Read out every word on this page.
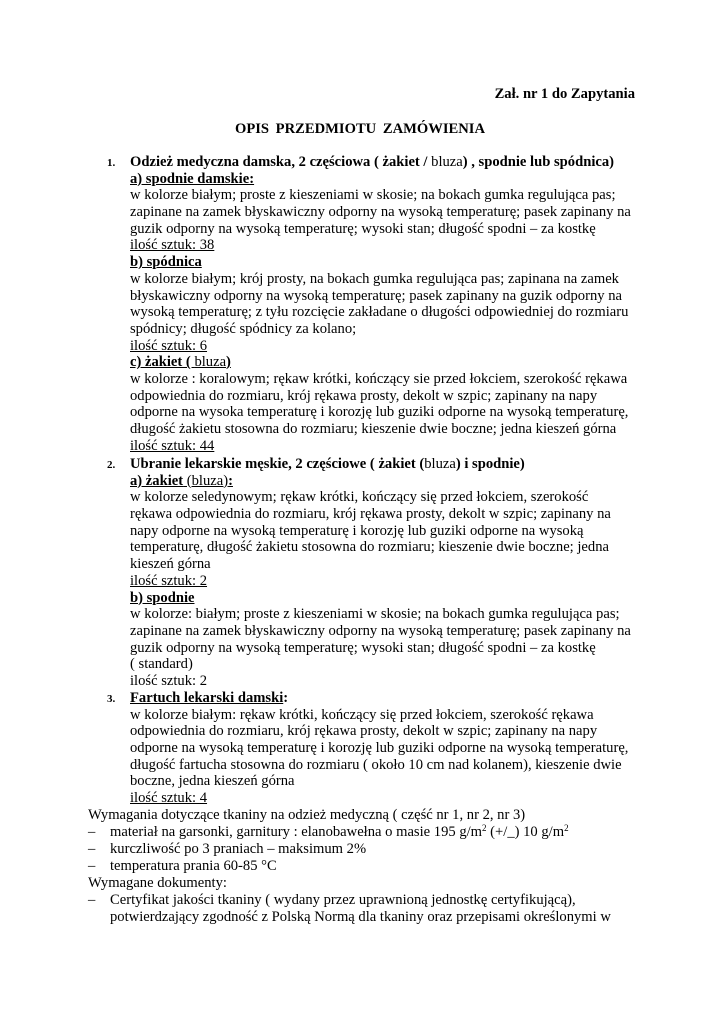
Zał. nr 1 do Zapytania
OPIS PRZEDMIOTU ZAMÓWIENIA
1. Odzież medyczna damska, 2 częściowa ( żakiet / bluza) , spodnie lub spódnica)
a) spodnie damskie:
w kolorze białym; proste z kieszeniami w skosie; na bokach gumka regulująca pas;
zapinane na zamek błyskawiczny odporny na wysoką temperaturę; pasek zapinany na
guzik odporny na wysoką temperaturę; wysoki stan; długość spodni – za kostkę
ilość sztuk: 38
b) spódnica
w kolorze białym; krój prosty, na bokach gumka regulująca pas; zapinana na zamek
błyskawiczny odporny na wysoką temperaturę; pasek zapinany na guzik odporny na
wysoką temperaturę; z tyłu rozcięcie zakładane o długości odpowiedniej do rozmiaru
spódnicy; długość spódnicy za kolano;
ilość sztuk: 6
c) żakiet ( bluza)
w kolorze : koralowym; rękaw krótki, kończący sie przed łokciem, szerokość rękawa
odpowiednia do rozmiaru, krój rękawa prosty, dekolt w szpic; zapinany na napy
odporne na wysoka temperaturę i korozję lub guziki odporne na wysoką temperaturę,
długość żakietu stosowna do rozmiaru; kieszenie dwie boczne; jedna kieszeń górna
ilość sztuk: 44
2. Ubranie lekarskie męskie, 2 częściowe ( żakiet (bluza) i spodnie)
a) żakiet (bluza):
w kolorze seledynowym; rękaw krótki, kończący się przed łokciem, szerokość
rękawa odpowiednia do rozmiaru, krój rękawa prosty, dekolt w szpic; zapinany na
napy odporne na wysoką temperaturę i korozję lub guziki odporne na wysoką
temperaturę, długość żakietu stosowna do rozmiaru; kieszenie dwie boczne; jedna
kieszeń górna
ilość sztuk: 2
b) spodnie
w kolorze: białym; proste z kieszeniami w skosie; na bokach gumka regulująca pas;
zapinane na zamek błyskawiczny odporny na wysoką temperaturę; pasek zapinany na
guzik odporny na wysoką temperaturę; wysoki stan; długość spodni – za kostkę
( standard)
ilość sztuk: 2
3. Fartuch lekarski damski:
w kolorze białym: rękaw krótki, kończący się przed łokciem, szerokość rękawa
odpowiednia do rozmiaru, krój rękawa prosty, dekolt w szpic; zapinany na napy
odporne na wysoką temperaturę i korozję lub guziki odporne na wysoką temperaturę,
długość fartucha stosowna do rozmiaru ( około 10 cm nad kolanem), kieszenie dwie
boczne, jedna kieszeń górna
ilość sztuk: 4
Wymagania dotyczące tkaniny na odzież medyczną ( część nr 1, nr 2, nr 3)
– materiał na garsonki, garnitury : elanobawełna o masie 195 $g/m^2$ (+/_) 10 $g/m^2$
– kurczliwość po 3 praniach – maksimum 2%
– temperatura prania 60-85 °C
Wymagane dokumenty:
– Certyfikat jakości tkaniny ( wydany przez uprawnioną jednostkę certyfikującą),
potwierdzający zgodność z Polską Normą dla tkaniny oraz przepisami określonymi w
